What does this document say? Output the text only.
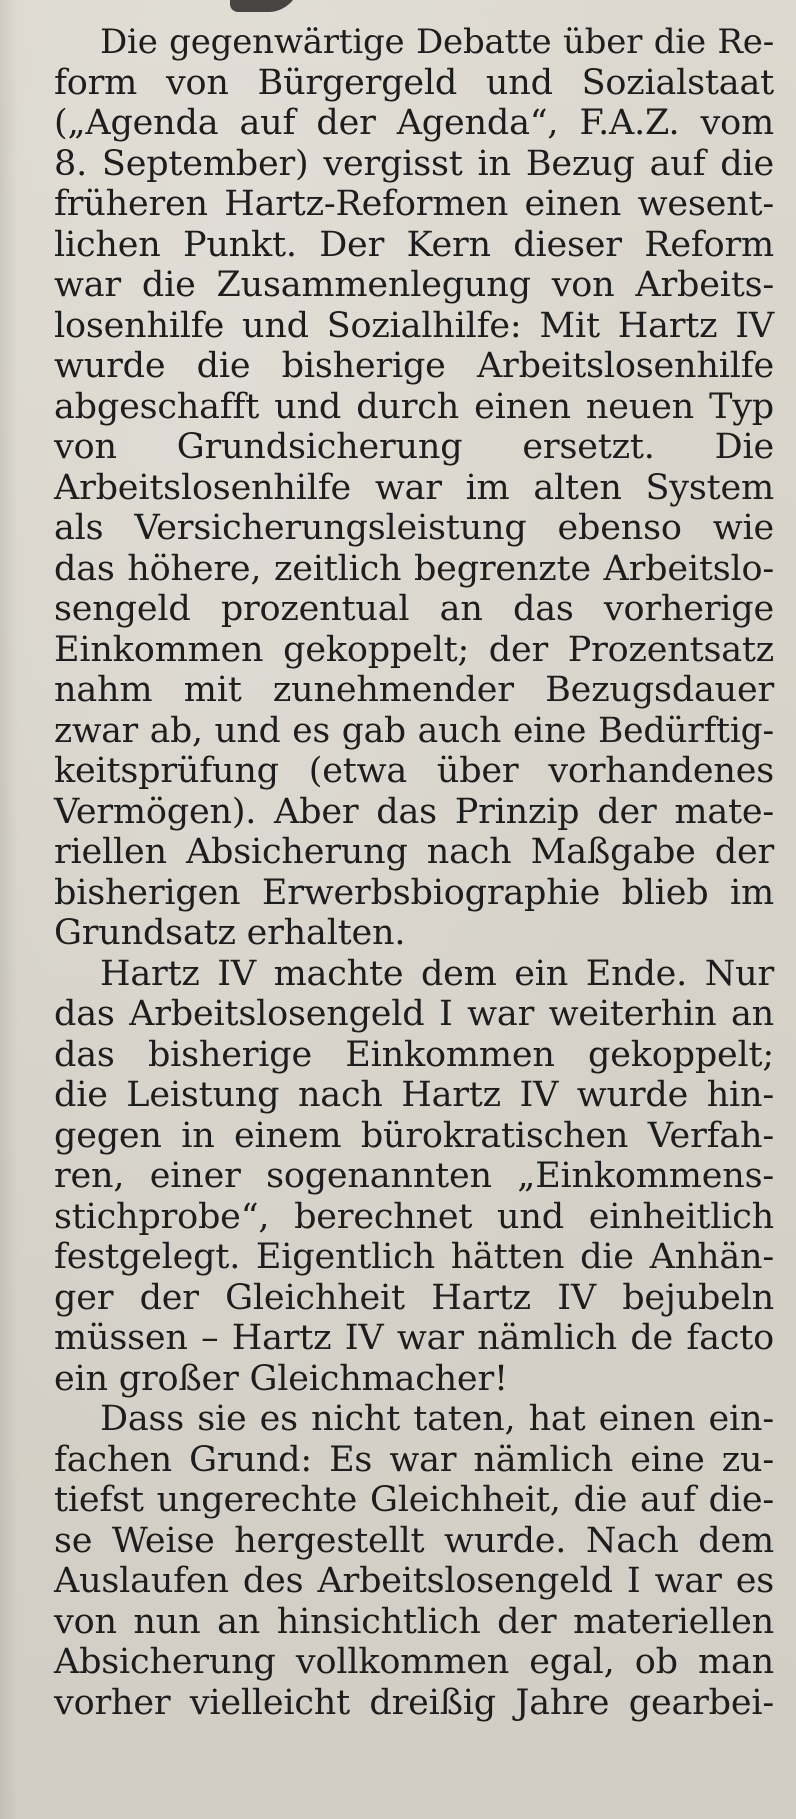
Die gegenwärtige Debatte über die Re-
form von Bürgergeld und Sozialstaat
(„Agenda auf der Agenda“, F.A.Z. vom
8. September) vergisst in Bezug auf die
früheren Hartz-Reformen einen wesent-
lichen Punkt. Der Kern dieser Reform
war die Zusammenlegung von Arbeits-
losenhilfe und Sozialhilfe: Mit Hartz IV
wurde die bisherige Arbeitslosenhilfe
abgeschafft und durch einen neuen Typ
von Grundsicherung ersetzt. Die
Arbeitslosenhilfe war im alten System
als Versicherungsleistung ebenso wie
das höhere, zeitlich begrenzte Arbeitslo-
sengeld prozentual an das vorherige
Einkommen gekoppelt; der Prozentsatz
nahm mit zunehmender Bezugsdauer
zwar ab, und es gab auch eine Bedürftig-
keitsprüfung (etwa über vorhandenes
Vermögen). Aber das Prinzip der mate-
riellen Absicherung nach Maßgabe der
bisherigen Erwerbsbiographie blieb im
Grundsatz erhalten.
Hartz IV machte dem ein Ende. Nur
das Arbeitslosengeld I war weiterhin an
das bisherige Einkommen gekoppelt;
die Leistung nach Hartz IV wurde hin-
gegen in einem bürokratischen Verfah-
ren, einer sogenannten „Einkommens-
stichprobe“, berechnet und einheitlich
festgelegt. Eigentlich hätten die Anhän-
ger der Gleichheit Hartz IV bejubeln
müssen – Hartz IV war nämlich de facto
ein großer Gleichmacher!
Dass sie es nicht taten, hat einen ein-
fachen Grund: Es war nämlich eine zu-
tiefst ungerechte Gleichheit, die auf die-
se Weise hergestellt wurde. Nach dem
Auslaufen des Arbeitslosengeld I war es
von nun an hinsichtlich der materiellen
Absicherung vollkommen egal, ob man
vorher vielleicht dreißig Jahre gearbei-
